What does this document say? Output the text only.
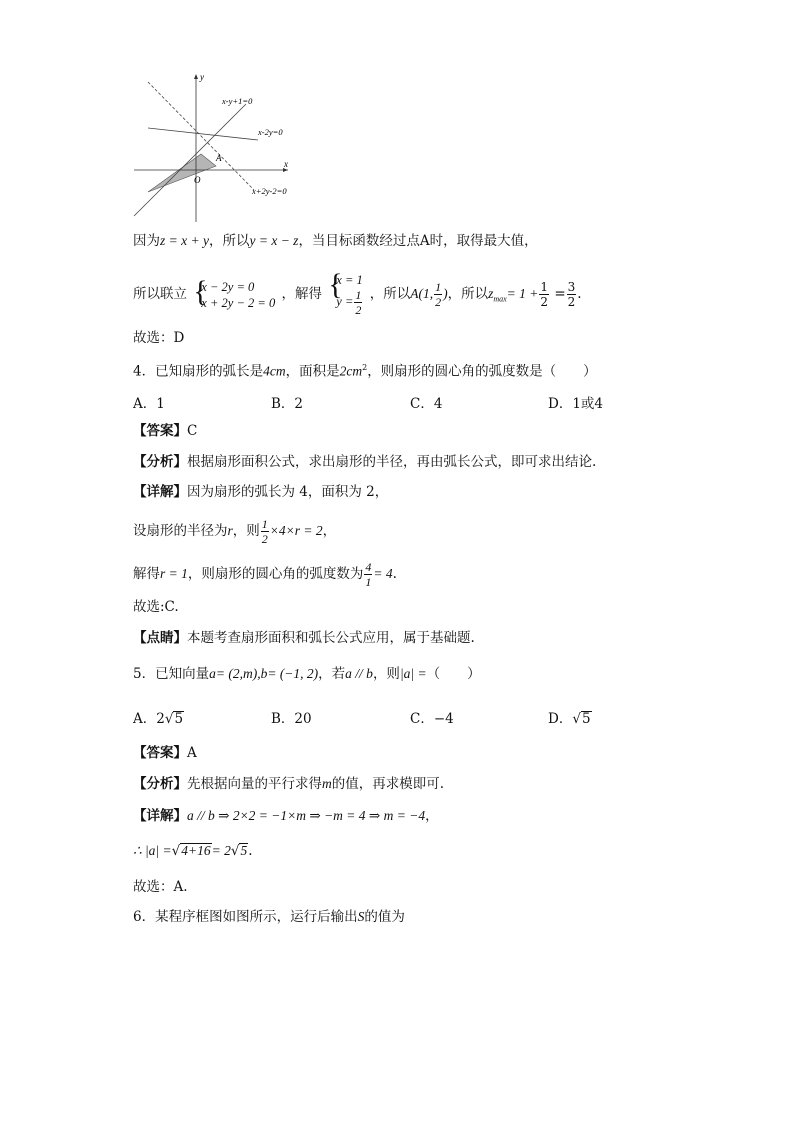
y
x
O
A
x-y+1=0
x-2y=0
x+2y-2=0
因为z = x + y，所以y = x − z，当目标函数经过点A时，取得最大值，
所以联立 {
x − 2y = 0
x + 2y − 2 = 0
，解得 {
x = 1
$y = \frac{1}{2}$ ，所以A(1, $\frac{1}{2}$ )，所以$z_{max}= 1 + \frac{1}{2} = \frac{3}{2}$ .
故选：D
4．已知扇形的弧长是4cm，面积是$2cm^2$，则扇形的圆心角的弧度数是（　　）
A．1	B．2	C．4	D．1或4
【答案】C
【分析】根据扇形面积公式，求出扇形的半径，再由弧长公式，即可求出结论.
【详解】因为扇形的弧长为 4，面积为 2，
设扇形的半径为r，则 $\frac{1}{2} \times 4\times r = 2$，
解得r = 1，则扇形的圆心角的弧度数为 $\frac{4}{1} = 4$.
故选:C.
【点睛】本题考查扇形面积和弧长公式应用，属于基础题.
5．已知向量a= (2,m),b= (−1, 2)，若a // b，则|a| =（　　）
A．2√5	B．20	C．−4	D．√5
【答案】A
【分析】先根据向量的平行求得m的值，再求模即可.
【详解】a // b ⇒ 2×2 = −1×m ⇒ −m = 4 ⇒ m = −4，
∴ |a| =√4+16= 2√5.
故选：A.
6．某程序框图如图所示，运行后输出S的值为
